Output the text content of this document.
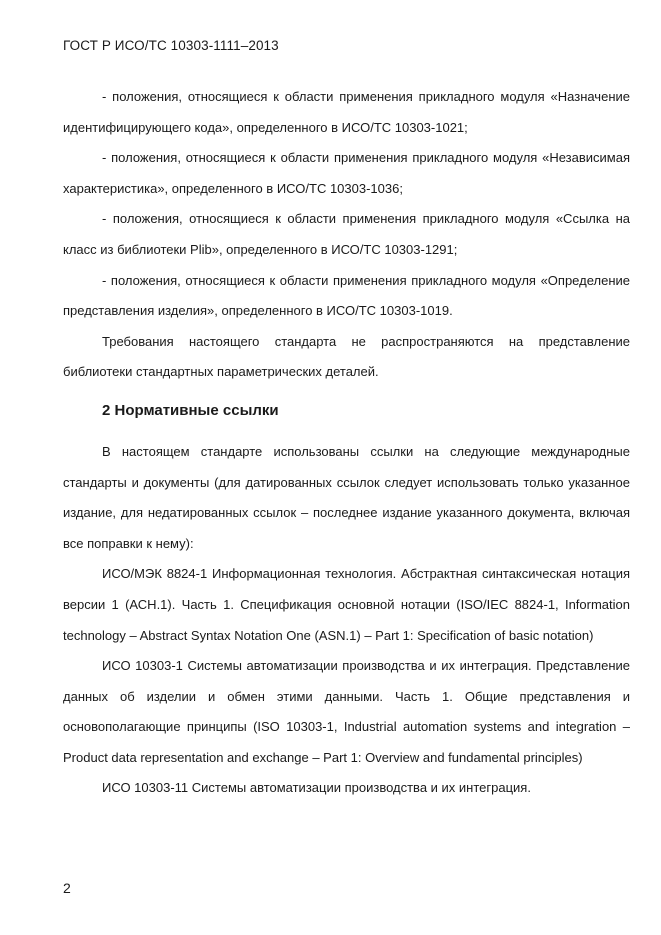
ГОСТ Р ИСО/ТС 10303-1111–2013

- положения, относящиеся к области применения прикладного модуля «Назначение идентифицирующего кода», определенного в ИСО/ТС 10303-1021;

- положения, относящиеся к области применения прикладного модуля «Независимая характеристика», определенного в ИСО/ТС 10303-1036;

- положения, относящиеся к области применения прикладного модуля «Ссылка на класс из библиотеки Plib», определенного в ИСО/ТС 10303-1291;

- положения, относящиеся к области применения прикладного модуля «Определение представления изделия», определенного в ИСО/ТС 10303-1019.

Требования настоящего стандарта не распространяются на представление библиотеки стандартных параметрических деталей.

2 Нормативные ссылки

В настоящем стандарте использованы ссылки на следующие международные стандарты и документы (для датированных ссылок следует использовать только указанное издание, для недатированных ссылок – последнее издание указанного документа, включая все поправки к нему):

ИСО/МЭК 8824-1 Информационная технология. Абстрактная синтаксическая нотация версии 1 (АСН.1). Часть 1. Спецификация основной нотации (ISO/IEC 8824-1, Information technology – Abstract Syntax Notation One (ASN.1) – Part 1: Specification of basic notation)

ИСО 10303-1 Системы автоматизации производства и их интеграция. Представление данных об изделии и обмен этими данными. Часть 1. Общие представления и основополагающие принципы (ISO 10303-1, Industrial automation systems and integration – Product data representation and exchange – Part 1: Overview and fundamental principles)

ИСО 10303-11 Системы автоматизации производства и их интеграция.

2
